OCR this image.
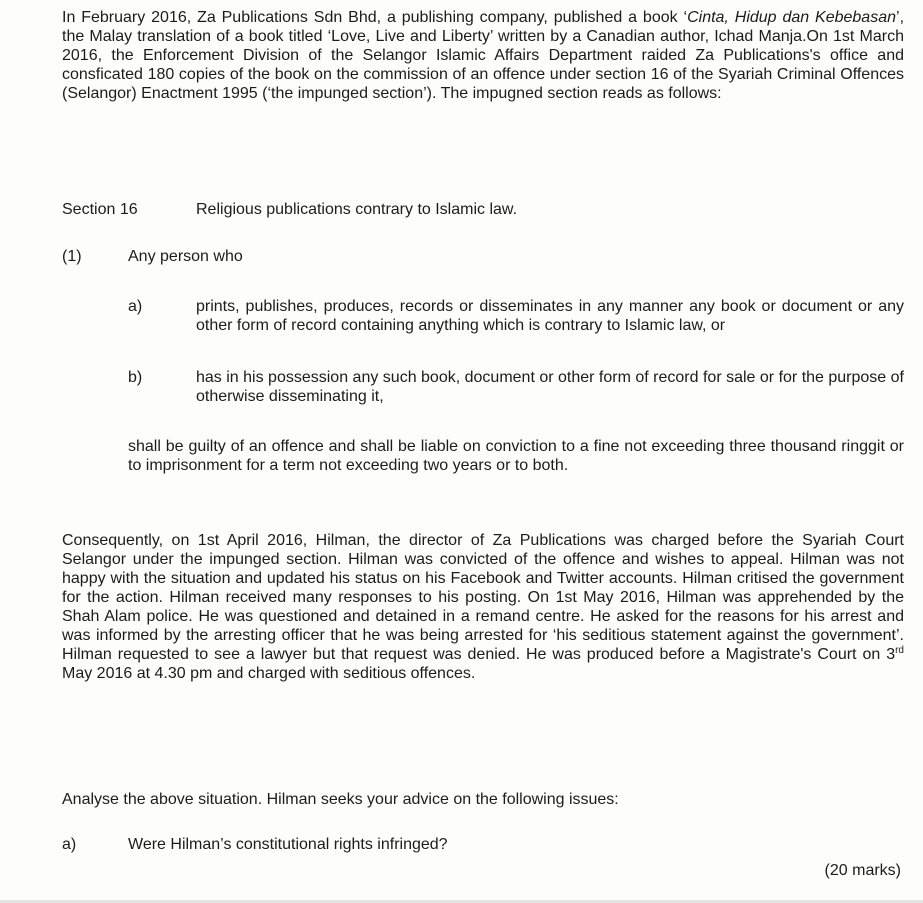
In February 2016, Za Publications Sdn Bhd, a publishing company, published a book ‘Cinta, Hidup dan Kebebasan’, the Malay translation of a book titled ‘Love, Live and Liberty’ written by a Canadian author, Ichad Manja.On 1st March 2016, the Enforcement Division of the Selangor Islamic Affairs Department raided Za Publications's office and consficated 180 copies of the book on the commission of an offence under section 16 of the Syariah Criminal Offences (Selangor) Enactment 1995 (‘the impunged section’). The impugned section reads as follows:

Section 16	Religious publications contrary to Islamic law.
(1)	Any person who
a)	prints, publishes, produces, records or disseminates in any manner any book or document or any other form of record containing anything which is contrary to Islamic law, or

b)	has in his possession any such book, document or other form of record for sale or for the purpose of otherwise disseminating it,

shall be guilty of an offence and shall be liable on conviction to a fine not exceeding three thousand ringgit or to imprisonment for a term not exceeding two years or to both.

Consequently, on 1st April 2016, Hilman, the director of Za Publications was charged before the Syariah Court Selangor under the impunged section. Hilman was convicted of the offence and wishes to appeal. Hilman was not happy with the situation and updated his status on his Facebook and Twitter accounts. Hilman critised the government for the action. Hilman received many responses to his posting. On 1st May 2016, Hilman was apprehended by the Shah Alam police. He was questioned and detained in a remand centre. He asked for the reasons for his arrest and was informed by the arresting officer that he was being arrested for ‘his seditious statement against the government’. Hilman requested to see a lawyer but that request was denied. He was produced before a Magistrate's Court on 3rd May 2016 at 4.30 pm and charged with seditious offences.

Analyse the above situation. Hilman seeks your advice on the following issues:

a)	Were Hilman’s constitutional rights infringed?
(20 marks)
